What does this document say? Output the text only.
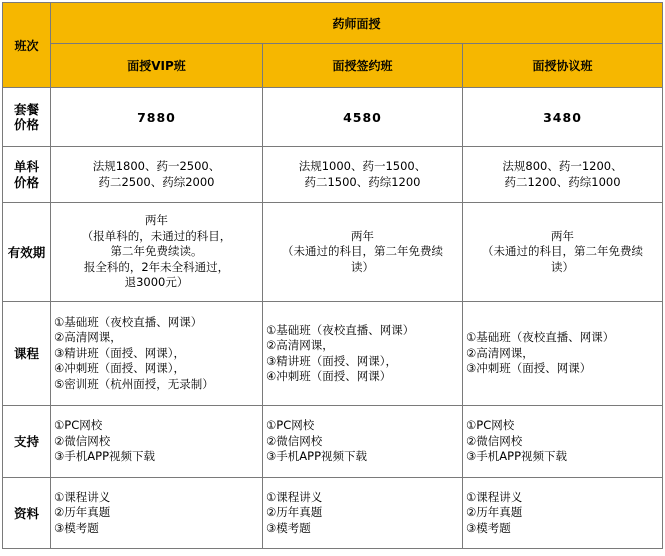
班次	药师面授		
	面授VIP班	面授签约班	面授协议班

套餐
价格	7880	4580	3480

单科
价格	法规1800、药一2500、
药二2500、药综2000	法规1000、药一1500、
药二1500、药综1200	法规800、药一1200、
药二1200、药综1000

有效期	两年
（报单科的，未通过的科目，
第二年免费续读。
报全科的，2年未全科通过，
退3000元）	两年
（未通过的科目，第二年免费续
读）	两年
（未通过的科目，第二年免费续
读）

课程	①基础班（夜校直播、网课）
②高清网课，
③精讲班（面授、网课），
④冲刺班（面授、网课），
⑤密训班（杭州面授，无录制）	①基础班（夜校直播、网课）
②高清网课，
③精讲班（面授、网课），
④冲刺班（面授、网课）	①基础班（夜校直播、网课）
②高清网课，
③冲刺班（面授、网课）

支持	①PC网校
②微信网校
③手机APP视频下载	①PC网校
②微信网校
③手机APP视频下载	①PC网校
②微信网校
③手机APP视频下载

资料	①课程讲义
②历年真题
③模考题	①课程讲义
②历年真题
③模考题	①课程讲义
②历年真题
③模考题
